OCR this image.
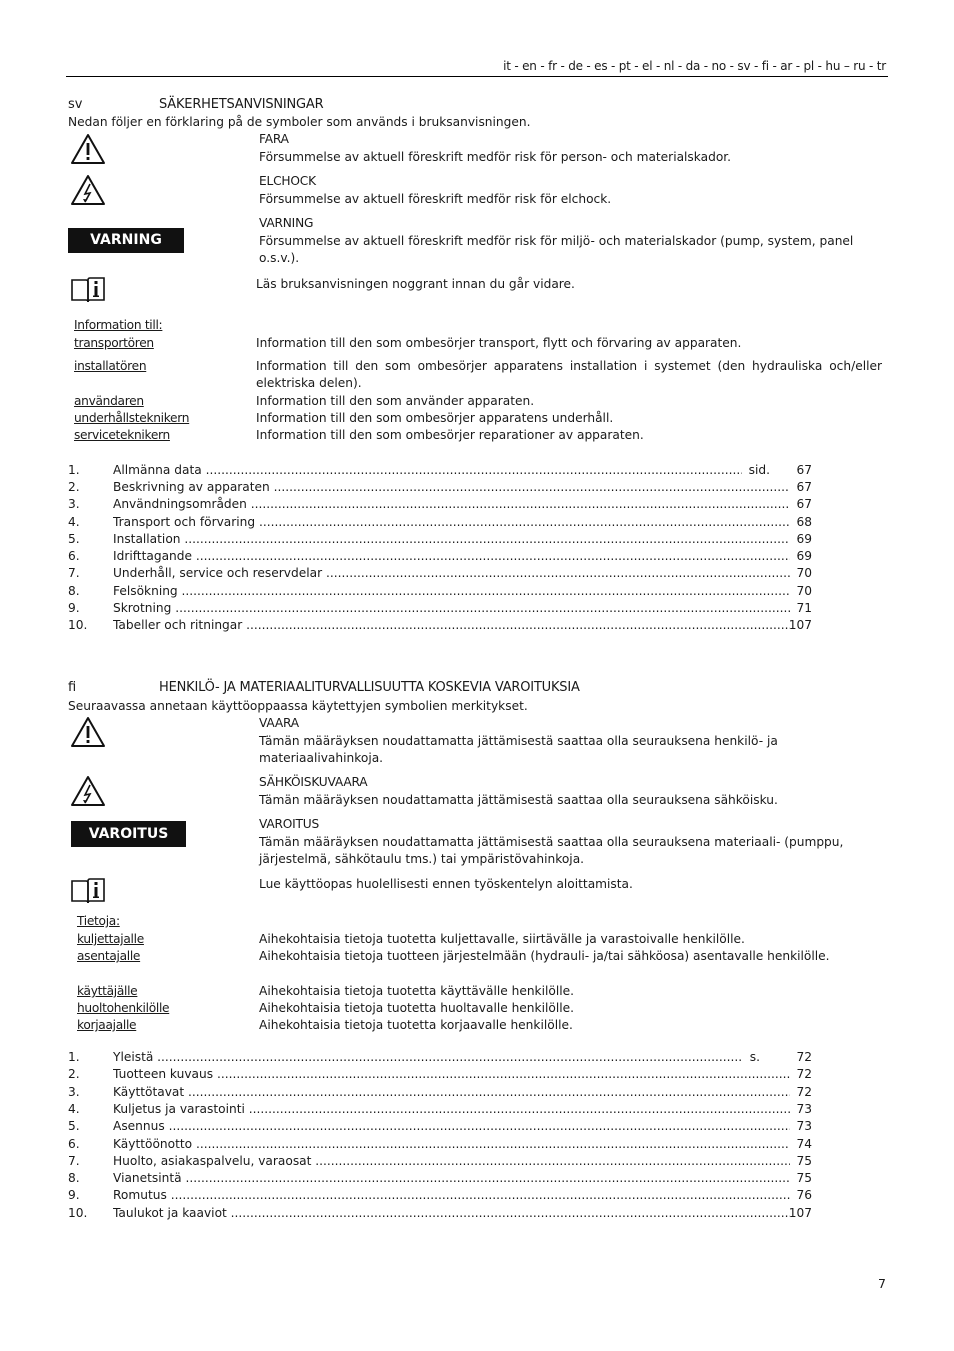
it - en - fr - de - es - pt - el - nl - da - no - sv - fi - ar - pl - hu – ru - tr
sv	SÄKERHETSANVISNINGAR
Nedan följer en förklaring på de symboler som används i bruksanvisningen.
FARA
Försummelse av aktuell föreskrift medför risk för person- och materialskador.
ELCHOCK
Försummelse av aktuell föreskrift medför risk för elchock.
VARNING
VARNING
Försummelse av aktuell föreskrift medför risk för miljö- och materialskador (pump, system, panel o.s.v.).
Läs bruksanvisningen noggrant innan du går vidare.
Information till:
transportören	Information till den som ombesörjer transport, flytt och förvaring av apparaten.
installatören	Information till den som ombesörjer apparatens installation i systemet (den hydrauliska och/eller elektriska delen).
användaren	Information till den som använder apparaten.
underhållsteknikern	Information till den som ombesörjer apparatens underhåll.
serviceteknikern	Information till den som ombesörjer reparationer av apparaten.
1.	Allmänna data .....	sid. 67
2.	Beskrivning av apparaten .....	67
3.	Användningsområden .....	67
4.	Transport och förvaring .....	68
5.	Installation .....	69
6.	Idrifttagande .....	69
7.	Underhåll, service och reservdelar .....	70
8.	Felsökning .....	70
9.	Skrotning .....	71
10. Tabeller och ritningar .....	107
fi	HENKILÖ- JA MATERIAALITURVALLISUUTTA KOSKEVIA VAROITUKSIA
Seuraavassa annetaan käyttöoppaassa käytettyjen symbolien merkitykset.
VAARA
Tämän määräyksen noudattamatta jättämisestä saattaa olla seurauksena henkilö- ja materiaalivahinkoja.
SÄHKÖISKUVAARA
Tämän määräyksen noudattamatta jättämisestä saattaa olla seurauksena sähköisku.
VAROITUS
VAROITUS
Tämän määräyksen noudattamatta jättämisestä saattaa olla seurauksena materiaali- (pumppu, järjestelmä, sähkötaulu tms.) tai ympäristövahinkoja.
Lue käyttöopas huolellisesti ennen työskentelyn aloittamista.
Tietoja:
kuljettajalle	Aihekohtaisia tietoja tuotetta kuljettavalle, siirtävälle ja varastoivalle henkilölle.
asentajalle	Aihekohtaisia tietoja tuotteen järjestelmään (hydrauli- ja/tai sähköosa) asentavalle henkilölle.
käyttäjälle	Aihekohtaisia tietoja tuotetta käyttävälle henkilölle.
huoltohenkilölle	Aihekohtaisia tietoja tuotetta huoltavalle henkilölle.
korjaajalle	Aihekohtaisia tietoja tuotetta korjaavalle henkilölle.
1.	Yleistä .....	s.	72
2.	Tuotteen kuvaus .....	72
3.	Käyttötavat .....	72
4.	Kuljetus ja varastointi .....	73
5.	Asennus .....	73
6.	Käyttöönotto .....	74
7.	Huolto, asiakaspalvelu, varaosat .....	75
8.	Vianetsintä .....	75
9.	Romutus .....	76
10. Taulukot ja kaaviot .....	107
7
